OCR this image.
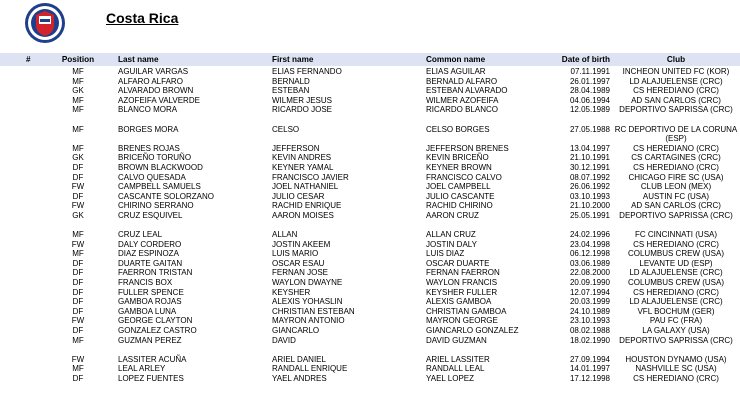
Costa Rica
#	Position	Last name	First name	Common name	Date of birth	Club
MF	AGUILAR VARGAS	ELIAS FERNANDO	ELIAS AGUILAR	07.11.1991	INCHEON UNITED FC (KOR)
MF	ALFARO ALFARO	BERNALD	BERNALD ALFARO	26.01.1997	LD ALAJUELENSE (CRC)
GK	ALVARADO BROWN	ESTEBAN	ESTEBAN ALVARADO	28.04.1989	CS HEREDIANO (CRC)
MF	AZOFEIFA VALVERDE	WILMER JESUS	WILMER AZOFEIFA	04.06.1994	AD SAN CARLOS (CRC)
MF	BLANCO MORA	RICARDO JOSE	RICARDO BLANCO	12.05.1989	DEPORTIVO SAPRISSA (CRC)
MF	BORGES MORA	CELSO	CELSO BORGES	27.05.1988 RC DEPORTIVO DE LA CORUNA (ESP)
MF	BRENES ROJAS	JEFFERSON	JEFFERSON BRENES	13.04.1997	CS HEREDIANO (CRC)
GK	BRICEÑO TORUÑO	KEVIN ANDRES	KEVIN BRICEÑO	21.10.1991	CS CARTAGINES (CRC)
DF	BROWN BLACKWOOD	KEYNER YAMAL	KEYNER BROWN	30.12.1991	CS HEREDIANO (CRC)
DF	CALVO QUESADA	FRANCISCO JAVIER	FRANCISCO CALVO	08.07.1992	CHICAGO FIRE SC (USA)
FW	CAMPBELL SAMUELS	JOEL NATHANIEL	JOEL CAMPBELL	26.06.1992	CLUB LEON (MEX)
DF	CASCANTE SOLORZANO	JULIO CESAR	JULIO CASCANTE	03.10.1993	AUSTIN FC (USA)
FW	CHIRINO SERRANO	RACHID ENRIQUE	RACHID CHIRINO	21.10.2000	AD SAN CARLOS (CRC)
GK	CRUZ ESQUIVEL	AARON MOISES	AARON CRUZ	25.05.1991	DEPORTIVO SAPRISSA (CRC)
MF	CRUZ LEAL	ALLAN	ALLAN CRUZ	24.02.1996	FC CINCINNATI (USA)
FW	DALY CORDERO	JOSTIN AKEEM	JOSTIN DALY	23.04.1998	CS HEREDIANO (CRC)
MF	DIAZ ESPINOZA	LUIS MARIO	LUIS DIAZ	06.12.1998	COLUMBUS CREW (USA)
DF	DUARTE GAITAN	OSCAR ESAU	OSCAR DUARTE	03.06.1989	LEVANTE UD (ESP)
DF	FAERRON TRISTAN	FERNAN JOSE	FERNAN FAERRON	22.08.2000	LD ALAJUELENSE (CRC)
DF	FRANCIS BOX	WAYLON DWAYNE	WAYLON FRANCIS	20.09.1990	COLUMBUS CREW (USA)
DF	FULLER SPENCE	KEYSHER	KEYSHER FULLER	12.07.1994	CS HEREDIANO (CRC)
DF	GAMBOA ROJAS	ALEXIS YOHASLIN	ALEXIS GAMBOA	20.03.1999	LD ALAJUELENSE (CRC)
DF	GAMBOA LUNA	CHRISTIAN ESTEBAN	CHRISTIAN GAMBOA	24.10.1989	VFL BOCHUM (GER)
FW	GEORGE CLAYTON	MAYRON ANTONIO	MAYRON GEORGE	23.10.1993	PAU FC (FRA)
DF	GONZALEZ CASTRO	GIANCARLO	GIANCARLO GONZALEZ	08.02.1988	LA GALAXY (USA)
MF	GUZMAN PEREZ	DAVID	DAVID GUZMAN	18.02.1990	DEPORTIVO SAPRISSA (CRC)
FW	LASSITER ACUÑA	ARIEL DANIEL	ARIEL LASSITER	27.09.1994	HOUSTON DYNAMO (USA)
MF	LEAL ARLEY	RANDALL ENRIQUE	RANDALL LEAL	14.01.1997	NASHVILLE SC (USA)
DF	LOPEZ FUENTES	YAEL ANDRES	YAEL LOPEZ	17.12.1998	CS HEREDIANO (CRC)
